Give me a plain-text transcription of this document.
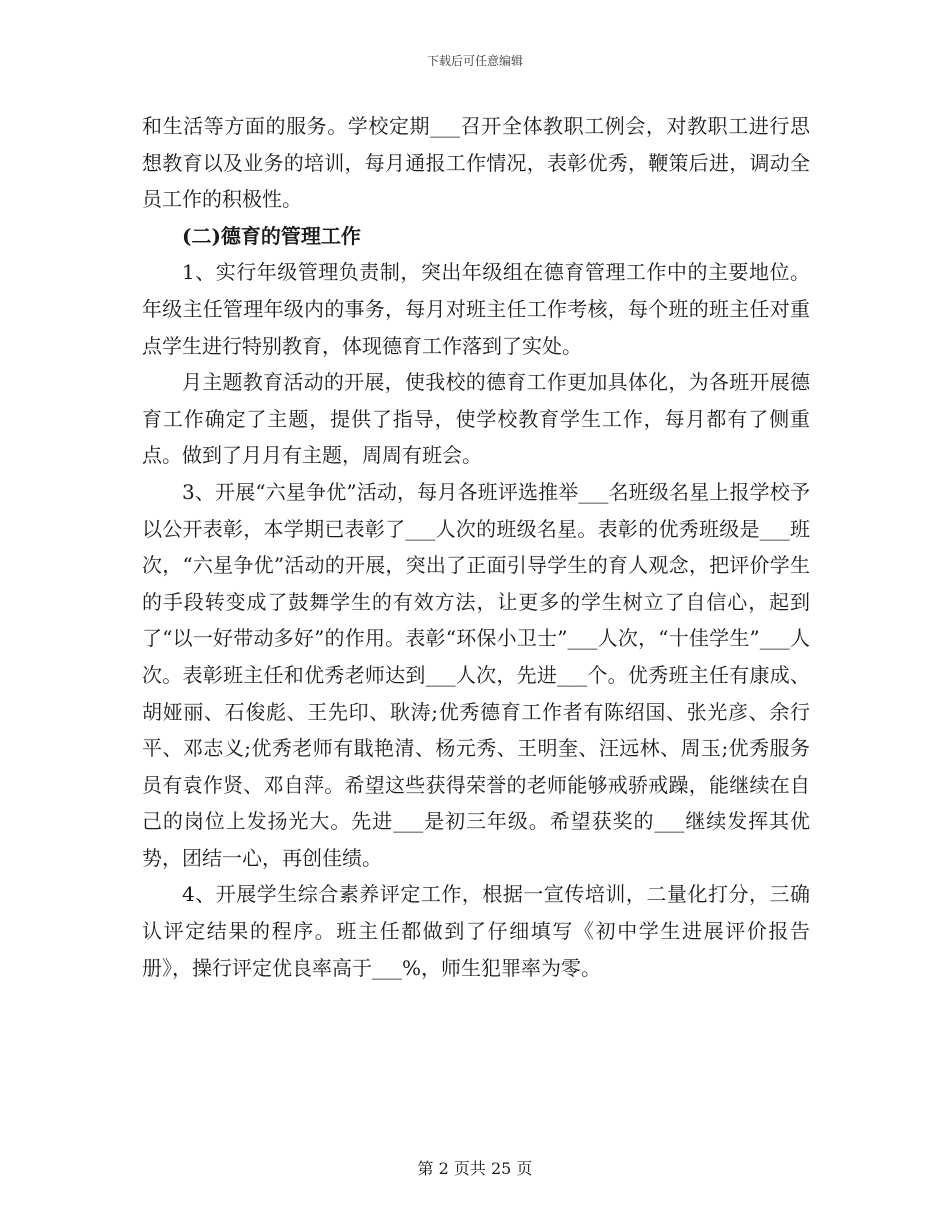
下载后可任意编辑

和生活等方面的服务。学校定期___召开全体教职工例会，对教职工进行思想教育以及业务的培训，每月通报工作情况，表彰优秀，鞭策后进，调动全员工作的积极性。

(二)德育的管理工作

1、实行年级管理负责制，突出年级组在德育管理工作中的主要地位。年级主任管理年级内的事务，每月对班主任工作考核，每个班的班主任对重点学生进行特别教育，体现德育工作落到了实处。

月主题教育活动的开展，使我校的德育工作更加具体化，为各班开展德育工作确定了主题，提供了指导，使学校教育学生工作，每月都有了侧重点。做到了月月有主题，周周有班会。

3、开展“六星争优”活动，每月各班评选推举___名班级名星上报学校予以公开表彰，本学期已表彰了___人次的班级名星。表彰的优秀班级是___班次，“六星争优”活动的开展，突出了正面引导学生的育人观念，把评价学生的手段转变成了鼓舞学生的有效方法，让更多的学生树立了自信心，起到了“以一好带动多好”的作用。表彰“环保小卫士”___人次，“十佳学生”___人次。表彰班主任和优秀老师达到___人次，先进___个。优秀班主任有康成、胡娅丽、石俊彪、王先印、耿涛;优秀德育工作者有陈绍国、张光彦、余行平、邓志义;优秀老师有戢艳清、杨元秀、王明奎、汪远林、周玉;优秀服务员有袁作贤、邓自萍。希望这些获得荣誉的老师能够戒骄戒躁，能继续在自己的岗位上发扬光大。先进___是初三年级。希望获奖的___继续发挥其优势，团结一心，再创佳绩。

4、开展学生综合素养评定工作，根据一宣传培训，二量化打分，三确认评定结果的程序。班主任都做到了仔细填写《初中学生进展评价报告册》，操行评定优良率高于___%，师生犯罪率为零。

第 2 页共 25 页
